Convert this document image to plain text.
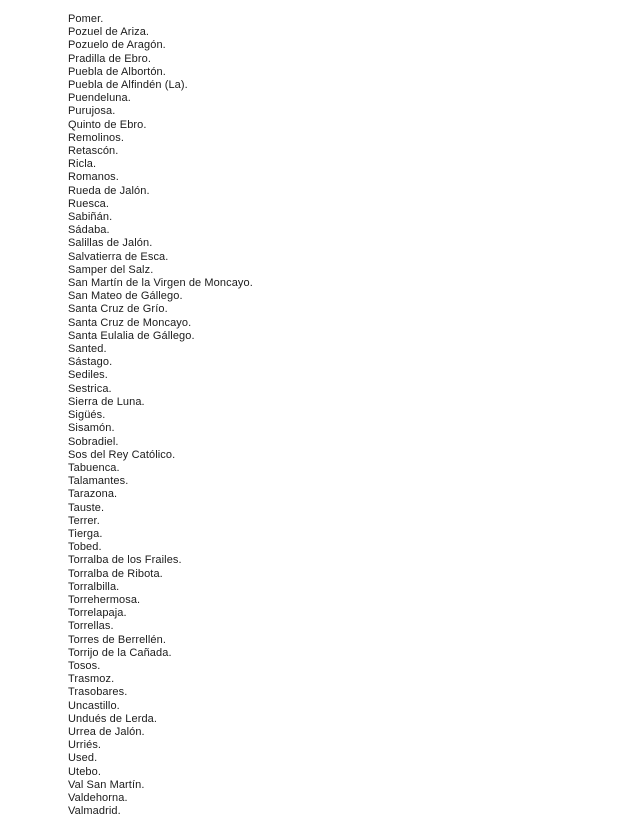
Pomer.
Pozuel de Ariza.
Pozuelo de Aragón.
Pradilla de Ebro.
Puebla de Albortón.
Puebla de Alfindén (La).
Puendeluna.
Purujosa.
Quinto de Ebro.
Remolinos.
Retascón.
Ricla.
Romanos.
Rueda de Jalón.
Ruesca.
Sabiñán.
Sádaba.
Salillas de Jalón.
Salvatierra de Esca.
Samper del Salz.
San Martín de la Virgen de Moncayo.
San Mateo de Gállego.
Santa Cruz de Grío.
Santa Cruz de Moncayo.
Santa Eulalia de Gállego.
Santed.
Sástago.
Sediles.
Sestrica.
Sierra de Luna.
Sigüés.
Sisamón.
Sobradiel.
Sos del Rey Católico.
Tabuenca.
Talamantes.
Tarazona.
Tauste.
Terrer.
Tierga.
Tobed.
Torralba de los Frailes.
Torralba de Ribota.
Torralbilla.
Torrehermosa.
Torrelapaja.
Torrellas.
Torres de Berrellén.
Torrijo de la Cañada.
Tosos.
Trasmoz.
Trasobares.
Uncastillo.
Undués de Lerda.
Urrea de Jalón.
Urriés.
Used.
Utebo.
Val San Martín.
Valdehorna.
Valmadrid.
